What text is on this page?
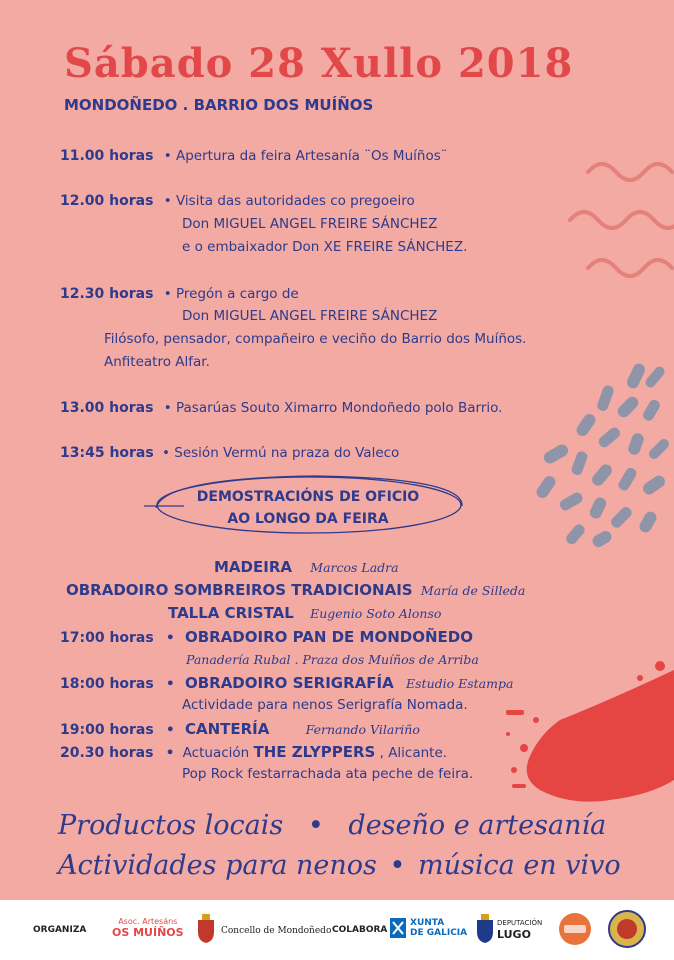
Sábado 28 Xullo 2018
MONDOÑEDO . BARRIO DOS MUÍÑOS
11.00 horas • Apertura da feira Artesanía ¨Os Muíños¨
12.00 horas • Visita das autoridades co pregoeiro
Don MIGUEL ANGEL FREIRE SÁNCHEZ
e o embaixador Don XE FREIRE SÁNCHEZ.
12.30 horas • Pregón a cargo de
Don MIGUEL ANGEL FREIRE SÁNCHEZ
Filósofo, pensador, compañeiro e veciño do Barrio dos Muíños.
Anfiteatro Alfar.
13.00 horas • Pasarúas Souto Ximarro Mondoñedo polo Barrio.
13:45 horas • Sesión Vermú na praza do Valeco
DEMOSTRACIÓNS DE OFICIO
AO LONGO DA FEIRA
MADEIRA Marcos Ladra
OBRADOIRO SOMBREIROS TRADICIONAIS María de Silleda
TALLA CRISTAL Eugenio Soto Alonso
17:00 horas • OBRADOIRO PAN DE MONDOÑEDO
Panadería Rubal . Praza dos Muíños de Arriba
18:00 horas • OBRADOIRO SERIGRAFÍA Estudio Estampa
Actividade para nenos Serigrafía Nomada.
19:00 horas • CANTERÍA	Fernando Vilariño
20.30 horas • Actuación THE ZLYPPERS , Alicante.
Pop Rock festarrachada ata peche de feira.
Productos locais • deseño e artesanía
Actividades para nenos • música en vivo
ORGANIZA
Asoc. Artesáns
OS MUÍÑOS	Concello de Mondoñedo COLABORA
XUNTA
DE GALICIA
DEPUTACIÓN
LUGO
